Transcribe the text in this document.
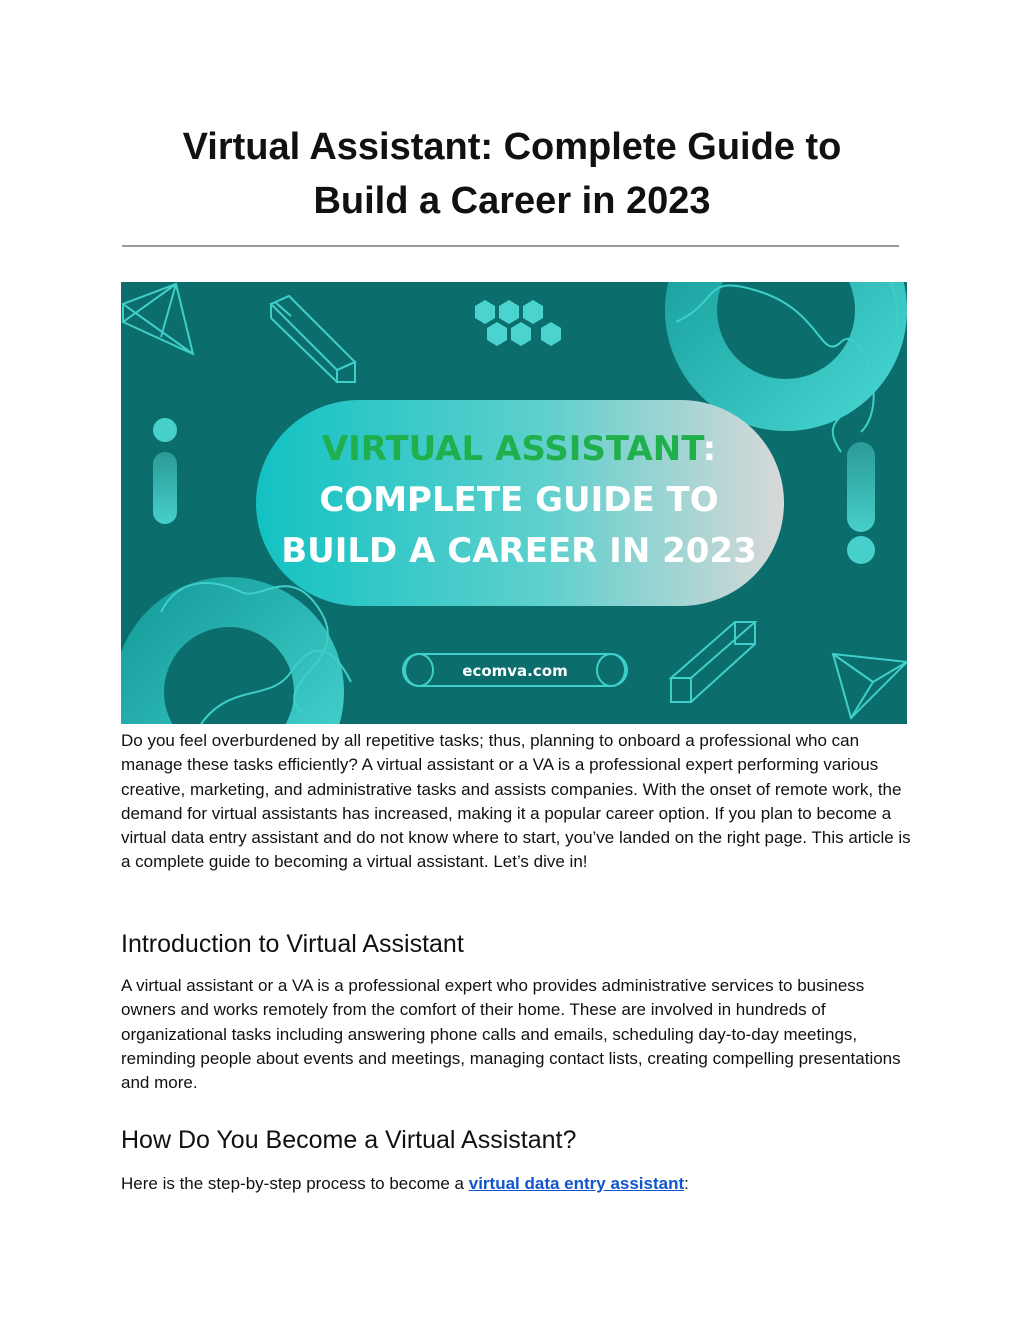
Virtual Assistant: Complete Guide to
Build a Career in 2023
VIRTUAL ASSISTANT:
COMPLETE GUIDE TO
BUILD A CAREER IN 2023
ecomva.com

Do you feel overburdened by all repetitive tasks; thus, planning to onboard a professional who can manage these tasks efficiently? A virtual assistant or a VA is a professional expert performing various creative, marketing, and administrative tasks and assists companies. With the onset of remote work, the demand for virtual assistants has increased, making it a popular career option. If you plan to become a virtual data entry assistant and do not know where to start, you’ve landed on the right page. This article is a complete guide to becoming a virtual assistant. Let’s dive in!

Introduction to Virtual Assistant

A virtual assistant or a VA is a professional expert who provides administrative services to business owners and works remotely from the comfort of their home. These are involved in hundreds of organizational tasks including answering phone calls and emails, scheduling day-to-day meetings, reminding people about events and meetings, managing contact lists, creating compelling presentations and more.

How Do You Become a Virtual Assistant?

Here is the step-by-step process to become a virtual data entry assistant:
